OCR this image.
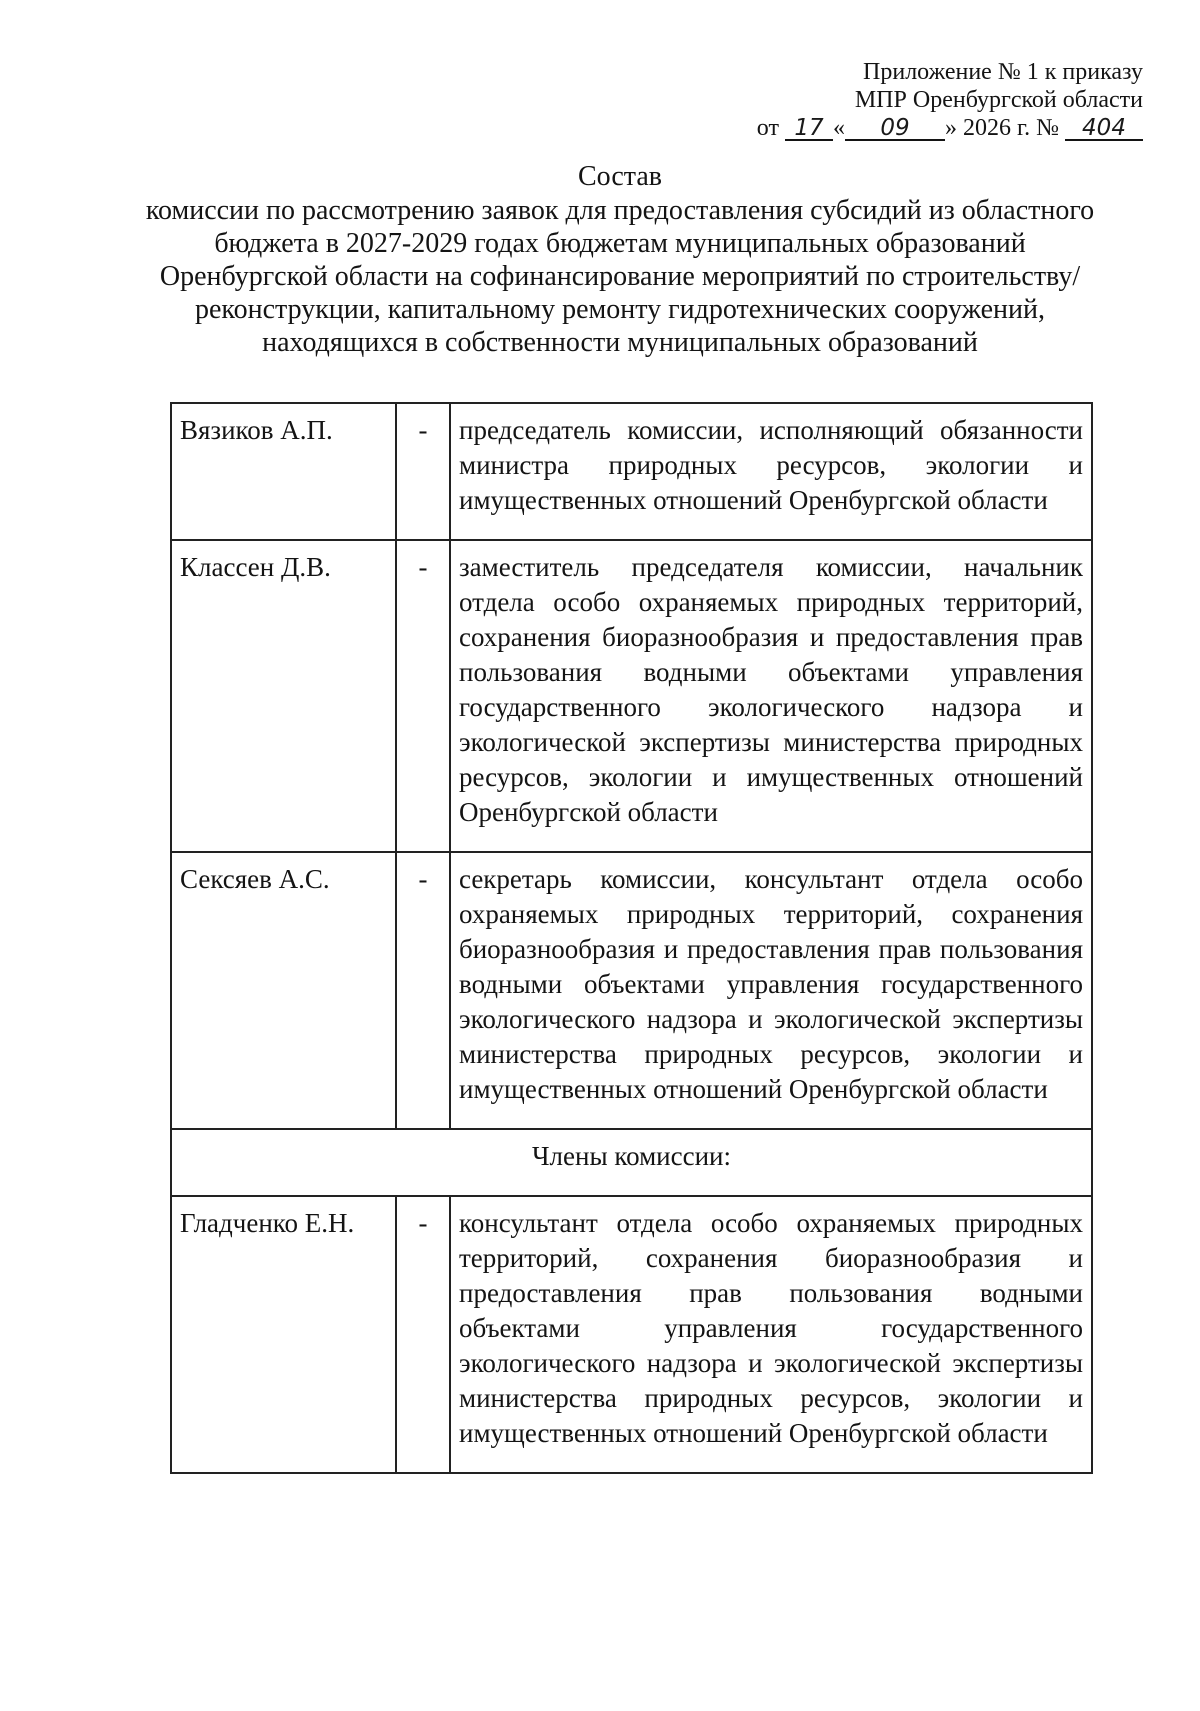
Приложение № 1 к приказу
МПР Оренбургской области
от 17 « 09 » 2026 г. № 404
Состав
комиссии по рассмотрению заявок для предоставления субсидий из областного бюджета в 2027-2029 годах бюджетам муниципальных образований Оренбургской области на софинансирование мероприятий по строительству/реконструкции, капитальному ремонту гидротехнических сооружений, находящихся в собственности муниципальных образований
Вязиков А.П.	-	председатель комиссии, исполняющий обязанности министра природных ресурсов, экологии и имущественных отношений Оренбургской области
Классен Д.В.	-	заместитель председателя комиссии, начальник отдела особо охраняемых природных территорий, сохранения биоразнообразия и предоставления прав пользования водными объектами управления государственного экологического надзора и экологической экспертизы министерства природных ресурсов, экологии и имущественных отношений Оренбургской области
Сексяев А.С.	-	секретарь комиссии, консультант отдела особо охраняемых природных территорий, сохранения биоразнообразия и предоставления прав пользования водными объектами управления государственного экологического надзора и экологической экспертизы министерства природных ресурсов, экологии и имущественных отношений Оренбургской области
Члены комиссии:		
Гладченко Е.Н.	-	консультант отдела особо охраняемых природных территорий, сохранения биоразнообразия и предоставления прав пользования водными объектами управления государственного экологического надзора и экологической экспертизы министерства природных ресурсов, экологии и имущественных отношений Оренбургской области
